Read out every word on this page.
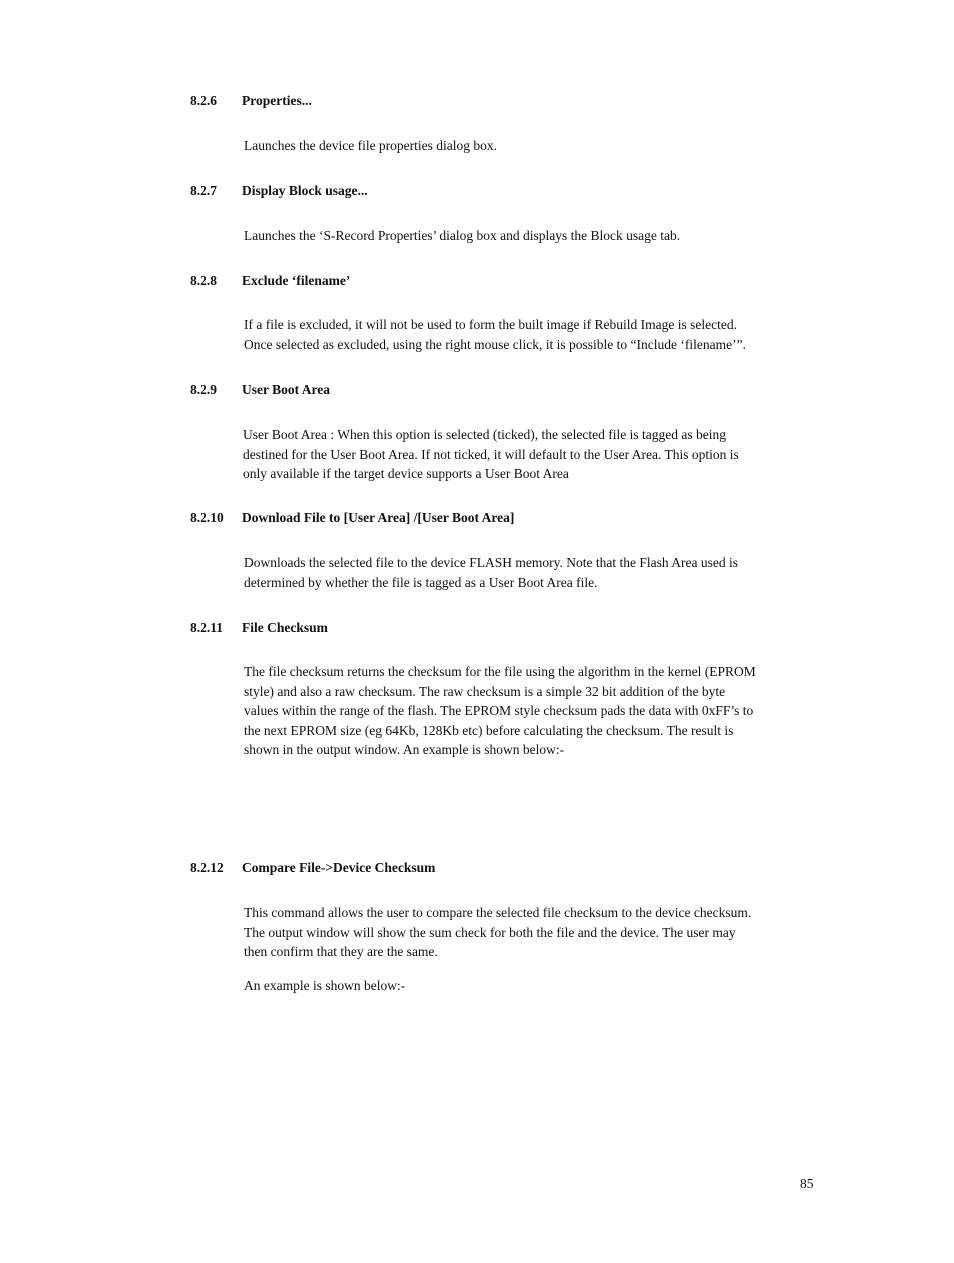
8.2.6 Properties...
Launches the device file properties dialog box.
8.2.7 Display Block usage...
Launches the ‘S-Record Properties’ dialog box and displays the Block usage tab.
8.2.8 Exclude ‘filename’
If a file is excluded, it will not be used to form the built image if Rebuild Image is selected.
Once selected as excluded, using the right mouse click, it is possible to “Include ‘filename’”.
8.2.9 User Boot Area
User Boot Area : When this option is selected (ticked), the selected file is tagged as being
destined for the User Boot Area. If not ticked, it will default to the User Area. This option is
only available if the target device supports a User Boot Area
8.2.10 Download File to [User Area] /[User Boot Area]
Downloads the selected file to the device FLASH memory. Note that the Flash Area used is
determined by whether the file is tagged as a User Boot Area file.
8.2.11 File Checksum
The file checksum returns the checksum for the file using the algorithm in the kernel (EPROM
style) and also a raw checksum. The raw checksum is a simple 32 bit addition of the byte
values within the range of the flash. The EPROM style checksum pads the data with 0xFF’s to
the next EPROM size (eg 64Kb, 128Kb etc) before calculating the checksum. The result is
shown in the output window. An example is shown below:-
8.2.12 Compare File->Device Checksum
This command allows the user to compare the selected file checksum to the device checksum.
The output window will show the sum check for both the file and the device. The user may
then confirm that they are the same.
An example is shown below:-
85
